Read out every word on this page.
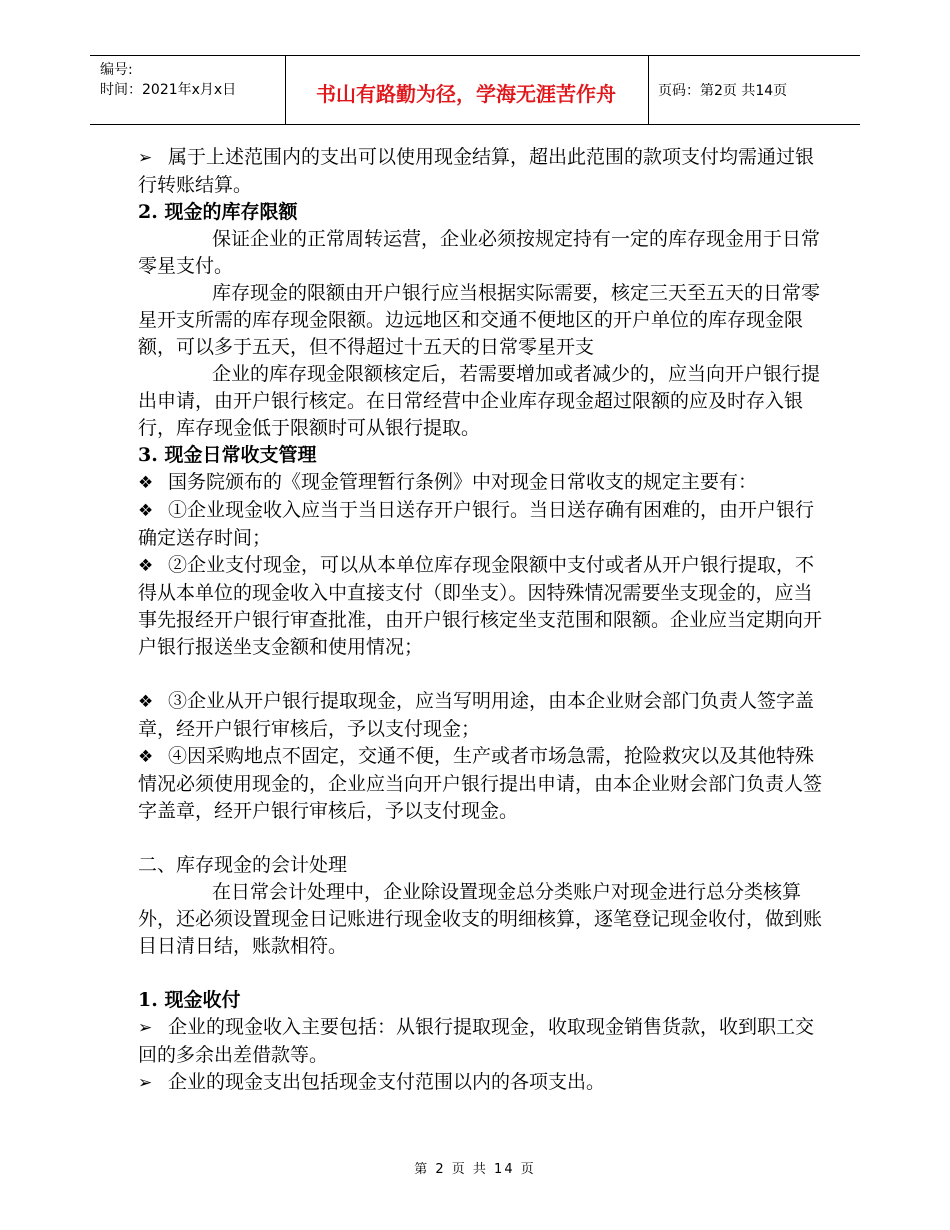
编号:
时间：2021年x月x日	书山有路勤为径，学海无涯苦作舟	页码：第2页 共14页

➢ 属于上述范围内的支出可以使用现金结算，超出此范围的款项支付均需通过银行转账结算。

2. 现金的库存限额

保证企业的正常周转运营，企业必须按规定持有一定的库存现金用于日常零星支付。

库存现金的限额由开户银行应当根据实际需要，核定三天至五天的日常零星开支所需的库存现金限额。边远地区和交通不便地区的开户单位的库存现金限额，可以多于五天，但不得超过十五天的日常零星开支

企业的库存现金限额核定后，若需要增加或者减少的，应当向开户银行提出申请，由开户银行核定。在日常经营中企业库存现金超过限额的应及时存入银行，库存现金低于限额时可从银行提取。

3. 现金日常收支管理

❖ 国务院颁布的《现金管理暂行条例》中对现金日常收支的规定主要有：

❖ ①企业现金收入应当于当日送存开户银行。当日送存确有困难的，由开户银行确定送存时间；

❖ ②企业支付现金，可以从本单位库存现金限额中支付或者从开户银行提取，不得从本单位的现金收入中直接支付（即坐支）。因特殊情况需要坐支现金的，应当事先报经开户银行审查批准，由开户银行核定坐支范围和限额。企业应当定期向开户银行报送坐支金额和使用情况；

❖ ③企业从开户银行提取现金，应当写明用途，由本企业财会部门负责人签字盖章，经开户银行审核后，予以支付现金；

❖ ④因采购地点不固定，交通不便，生产或者市场急需，抢险救灾以及其他特殊情况必须使用现金的，企业应当向开户银行提出申请，由本企业财会部门负责人签字盖章，经开户银行审核后，予以支付现金。

二、库存现金的会计处理

在日常会计处理中，企业除设置现金总分类账户对现金进行总分类核算外，还必须设置现金日记账进行现金收支的明细核算，逐笔登记现金收付，做到账目日清日结，账款相符。

1. 现金收付

➢ 企业的现金收入主要包括：从银行提取现金，收取现金销售货款，收到职工交回的多余出差借款等。

➢ 企业的现金支出包括现金支付范围以内的各项支出。

第 2 页 共 14 页
